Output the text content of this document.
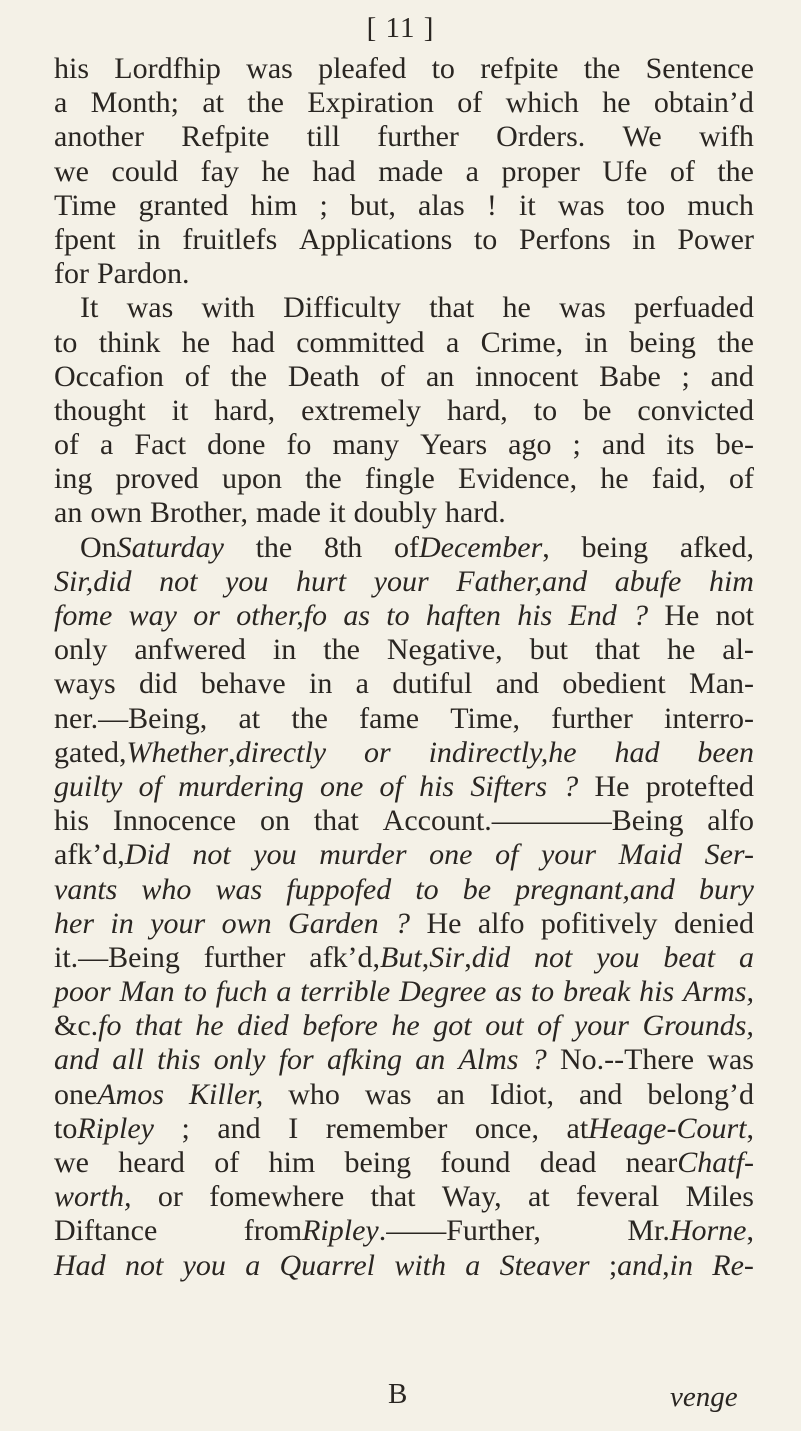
[ 11 ]
his Lordfhip was pleafed to refpite the Sentence
a Month; at the Expiration of which he obtain’d
another Refpite till further Orders. We wifh
we could fay he had made a proper Ufe of the
Time granted him ; but, alas ! it was too much
fpent in fruitlefs Applications to Perfons in Power
for Pardon.
It was with Difficulty that he was perfuaded
to think he had committed a Crime, in being the
Occafion of the Death of an innocent Babe ; and
thought it hard, extremely hard, to be convicted
of a Fact done fo many Years ago ; and its be-
ing proved upon the fingle Evidence, he faid, of
an own Brother, made it doubly hard.
OnSaturday the 8th ofDecember, being afked,
Sir,did not you hurt your Father,and abufe him
fome way or other,fo as to haften his End ? He not
only anfwered in the Negative, but that he al-
ways did behave in a dutiful and obedient Man-
ner.—Being, at the fame Time, further interro-
gated,Whether,directly or indirectly,he had been
guilty of murdering one of his Sifters ? He protefted
his Innocence on that Account.————Being alfo
afk’d,Did not you murder one of your Maid Ser-
vants who was fuppofed to be pregnant,and bury
her in your own Garden ? He alfo pofitively denied
it.—Being further afk’d,But,Sir,did not you beat a
poor Man to fuch a terrible Degree as to break his Arms,
&c.fo that he died before he got out of your Grounds,
and all this only for afking an Alms ? No.--There was
oneAmos Killer, who was an Idiot, and belong’d
toRipley ; and I remember once, atHeage-Court,
we heard of him being found dead nearChatf-
worth, or fomewhere that Way, at feveral Miles
Diftance	fromRipley.——Further,	Mr.Horne,
Had not you a Quarrel with a Steaver ;and,in Re-
B	venge
